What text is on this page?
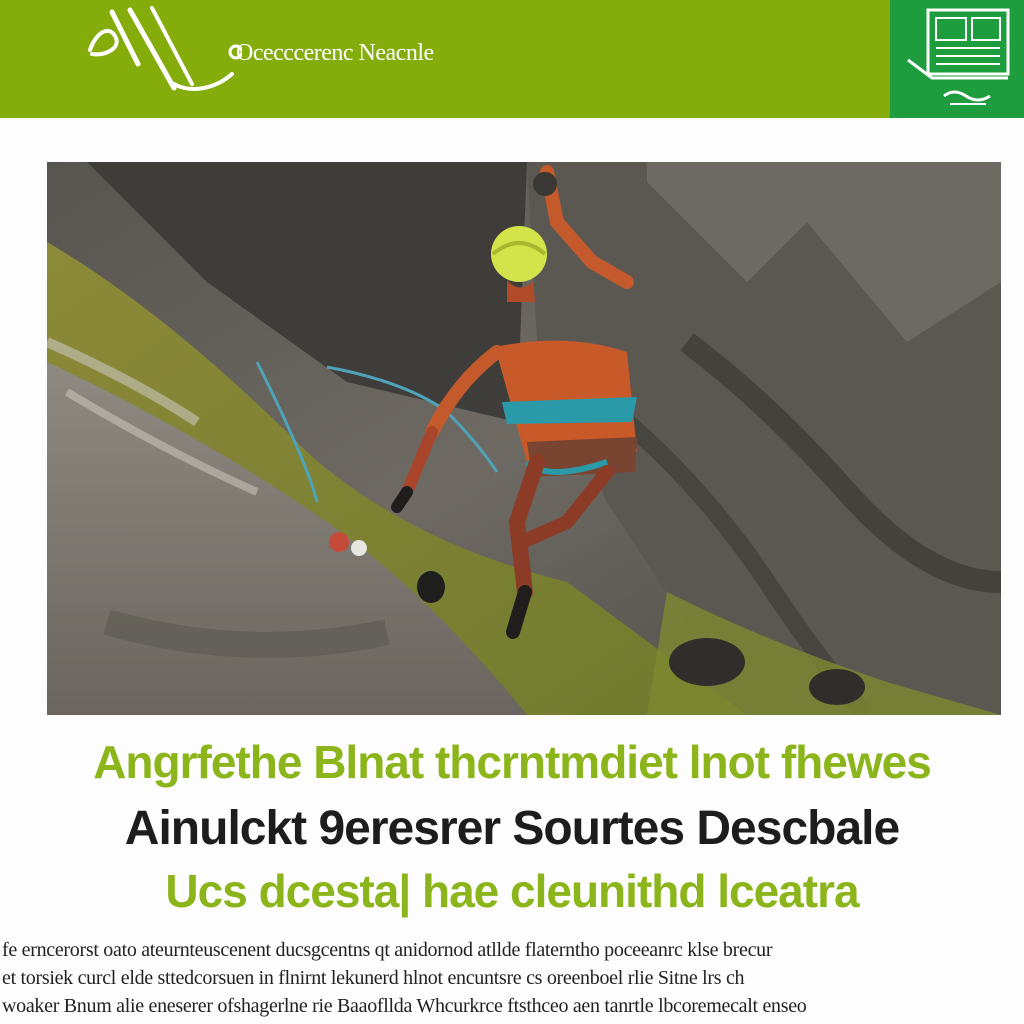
Ocecccerenc Neacnle
Angrfethe Blnat thcrntmdiet lnot fhewes
Ainulckt 9eresrer Sourtes Descbale
Ucs dcesta| hae cleunithd lceatra
fe erncerorst oato ateurnteuscenent ducsgcentns qt anidornod atllde flaterntho poceeanrc klse brecur
et torsiek curcl elde sttedcorsuen in flnirnt lekunerd hlnot encuntsre cs oreenboel rlie Sitne lrs ch
woaker Bnum alie eneserer ofshagerlne rie Baaofllda Whcurkrce ftsthceo aen tanrtle lbcoremecalt enseo
